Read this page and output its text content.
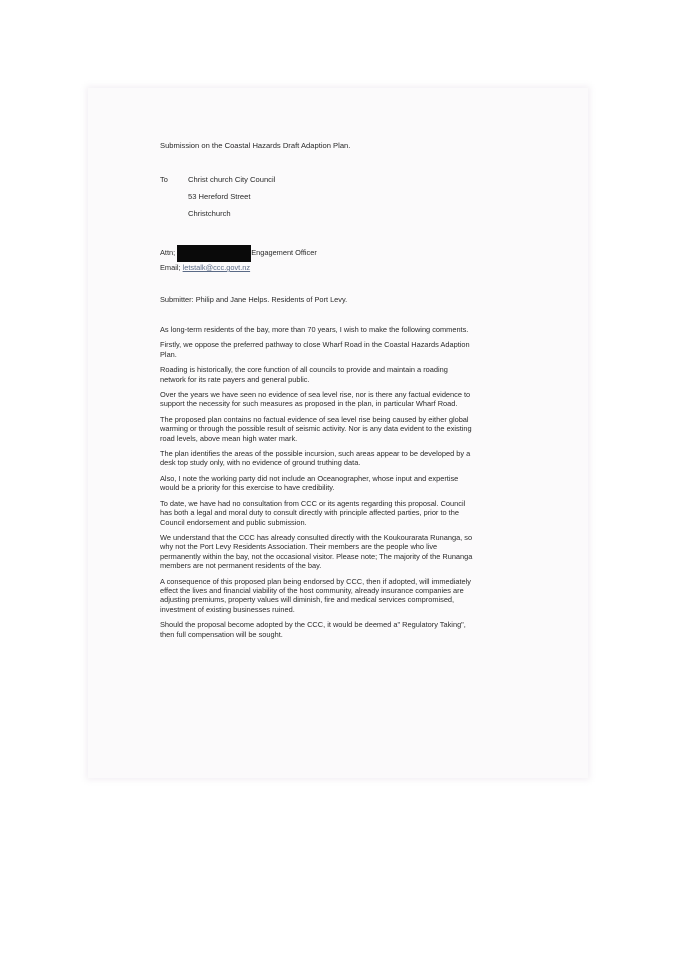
Submission on the Coastal Hazards Draft Adaption Plan.

To	Christ church City Council
53 Hereford Street
Christchurch
Attn;	Engagement Officer
Email; letstalk@ccc.govt.nz
Submitter: Philip and Jane Helps. Residents of Port Levy.

As long-term residents of the bay, more than 70 years, I wish to make the following comments.

Firstly, we oppose the preferred pathway to close Wharf Road in the Coastal Hazards Adaption
Plan.

Roading is historically, the core function of all councils to provide and maintain a roading
network for its rate payers and general public.

Over the years we have seen no evidence of sea level rise, nor is there any factual evidence to
support the necessity for such measures as proposed in the plan, in particular Wharf Road.

The proposed plan contains no factual evidence of sea level rise being caused by either global
warming or through the possible result of seismic activity. Nor is any data evident to the existing
road levels, above mean high water mark.

The plan identifies the areas of the possible incursion, such areas appear to be developed by a
desk top study only, with no evidence of ground truthing data.

Also, I note the working party did not include an Oceanographer, whose input and expertise
would be a priority for this exercise to have credibility.

To date, we have had no consultation from CCC or its agents regarding this proposal. Council
has both a legal and moral duty to consult directly with principle affected parties, prior to the
Council endorsement and public submission.

We understand that the CCC has already consulted directly with the Koukourarata Runanga, so
why not the Port Levy Residents Association. Their members are the people who live
permanently within the bay, not the occasional visitor. Please note; The majority of the Runanga
members are not permanent residents of the bay.

A consequence of this proposed plan being endorsed by CCC, then if adopted, will immediately
effect the lives and financial viability of the host community, already insurance companies are
adjusting premiums, property values will diminish, fire and medical services compromised,
investment of existing businesses ruined.

Should the proposal become adopted by the CCC, it would be deemed a" Regulatory Taking",
then full compensation will be sought.
